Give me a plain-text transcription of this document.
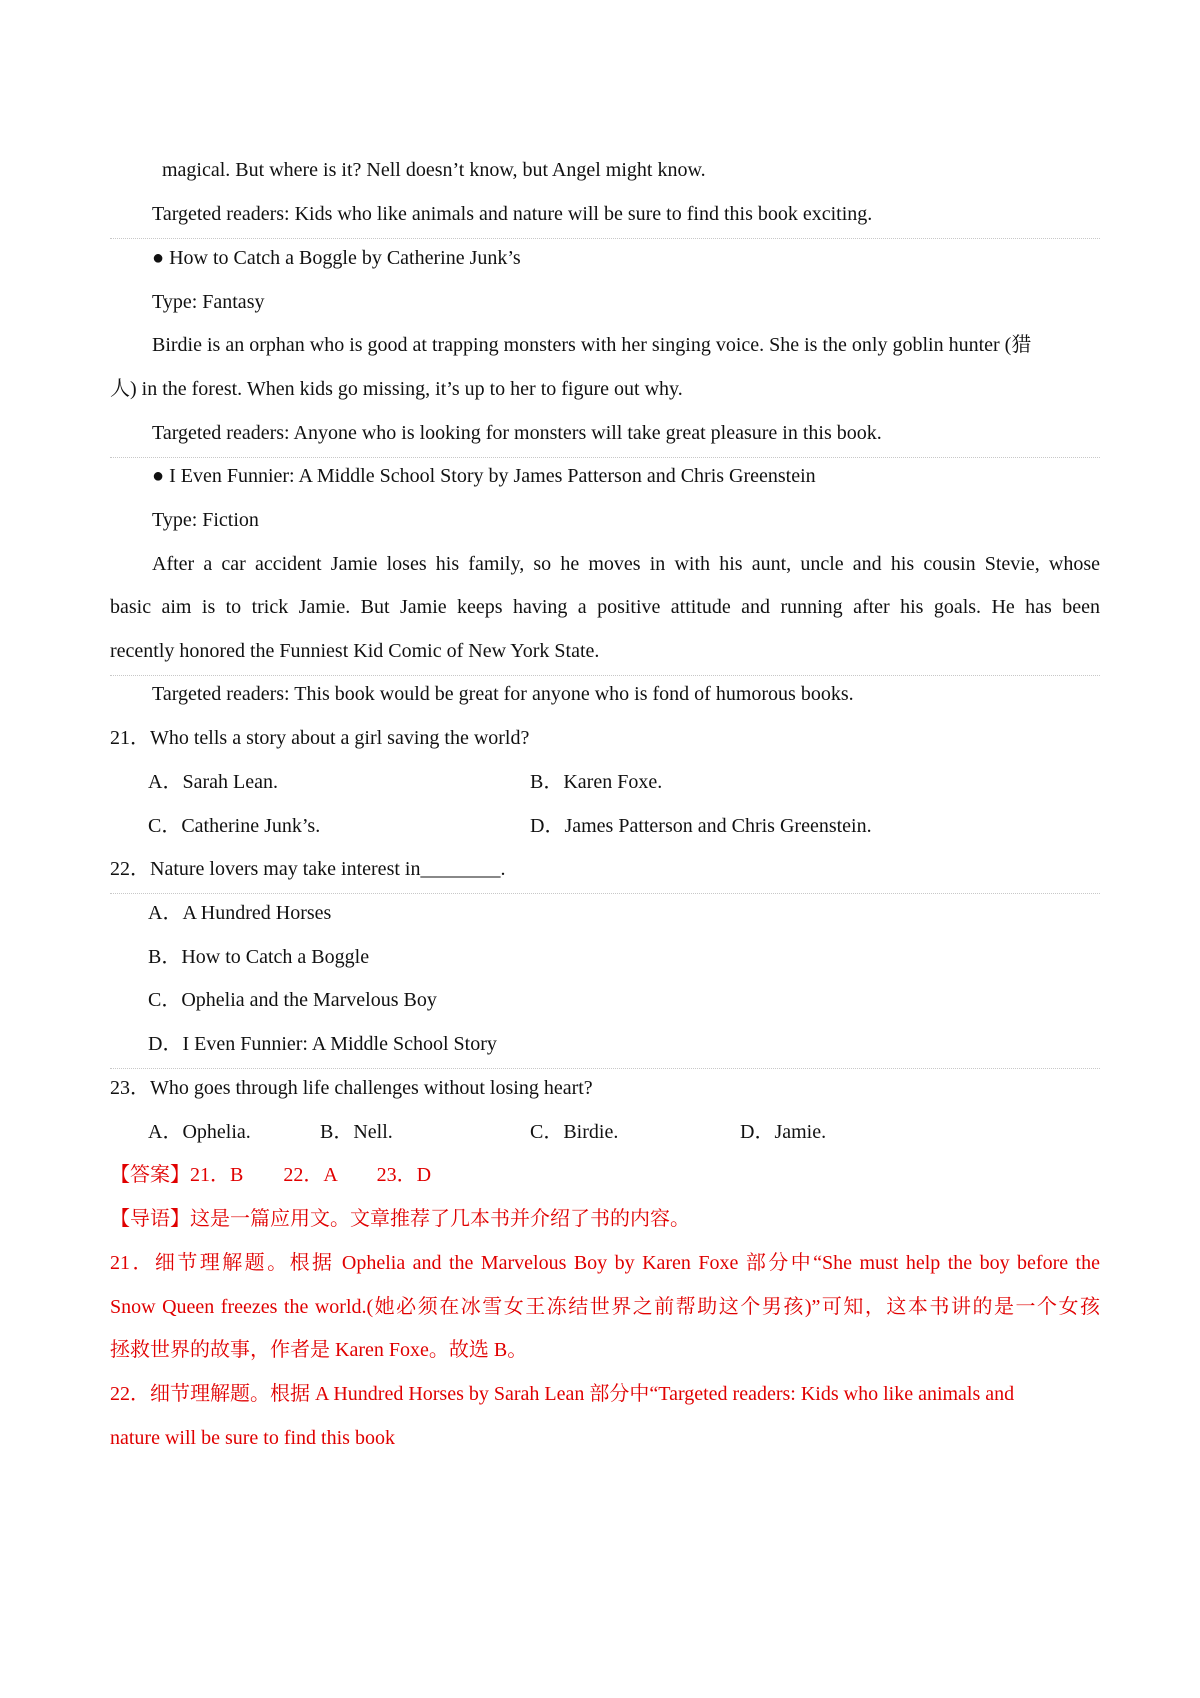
magical. But where is it? Nell doesn’t know, but Angel might know.
Targeted readers: Kids who like animals and nature will be sure to find this book exciting.
● How to Catch a Boggle by Catherine Junk’s
Type: Fantasy
Birdie is an orphan who is good at trapping monsters with her singing voice. She is the only goblin hunter (猎
人) in the forest. When kids go missing, it’s up to her to figure out why.
Targeted readers: Anyone who is looking for monsters will take great pleasure in this book.
● I Even Funnier: A Middle School Story by James Patterson and Chris Greenstein
Type: Fiction
After a car accident Jamie loses his family, so he moves in with his aunt, uncle and his cousin Stevie, whose
basic aim is to trick Jamie. But Jamie keeps having a positive attitude and running after his goals. He has been
recently honored the Funniest Kid Comic of New York State.
Targeted readers: This book would be great for anyone who is fond of humorous books.
21．Who tells a story about a girl saving the world?
A．Sarah Lean.	B．Karen Foxe.
C．Catherine Junk’s.	D．James Patterson and Chris Greenstein.
22．Nature lovers may take interest in________.
A．A Hundred Horses
B．How to Catch a Boggle
C．Ophelia and the Marvelous Boy
D．I Even Funnier: A Middle School Story
23．Who goes through life challenges without losing heart?
A．Ophelia.	B．Nell.	C．Birdie.	D．Jamie.
【答案】21．B　　22．A　　23．D
【导语】这是一篇应用文。文章推荐了几本书并介绍了书的内容。
21．细节理解题。根据 Ophelia and the Marvelous Boy by Karen Foxe 部分中“She must help the boy before the
Snow Queen freezes the world.(她必须在冰雪女王冻结世界之前帮助这个男孩)”可知，这本书讲的是一个女孩
拯救世界的故事，作者是 Karen Foxe。故选 B。
22．细节理解题。根据 A Hundred Horses by Sarah Lean 部分中“Targeted readers: Kids who like animals and
nature will be sure to find this book
